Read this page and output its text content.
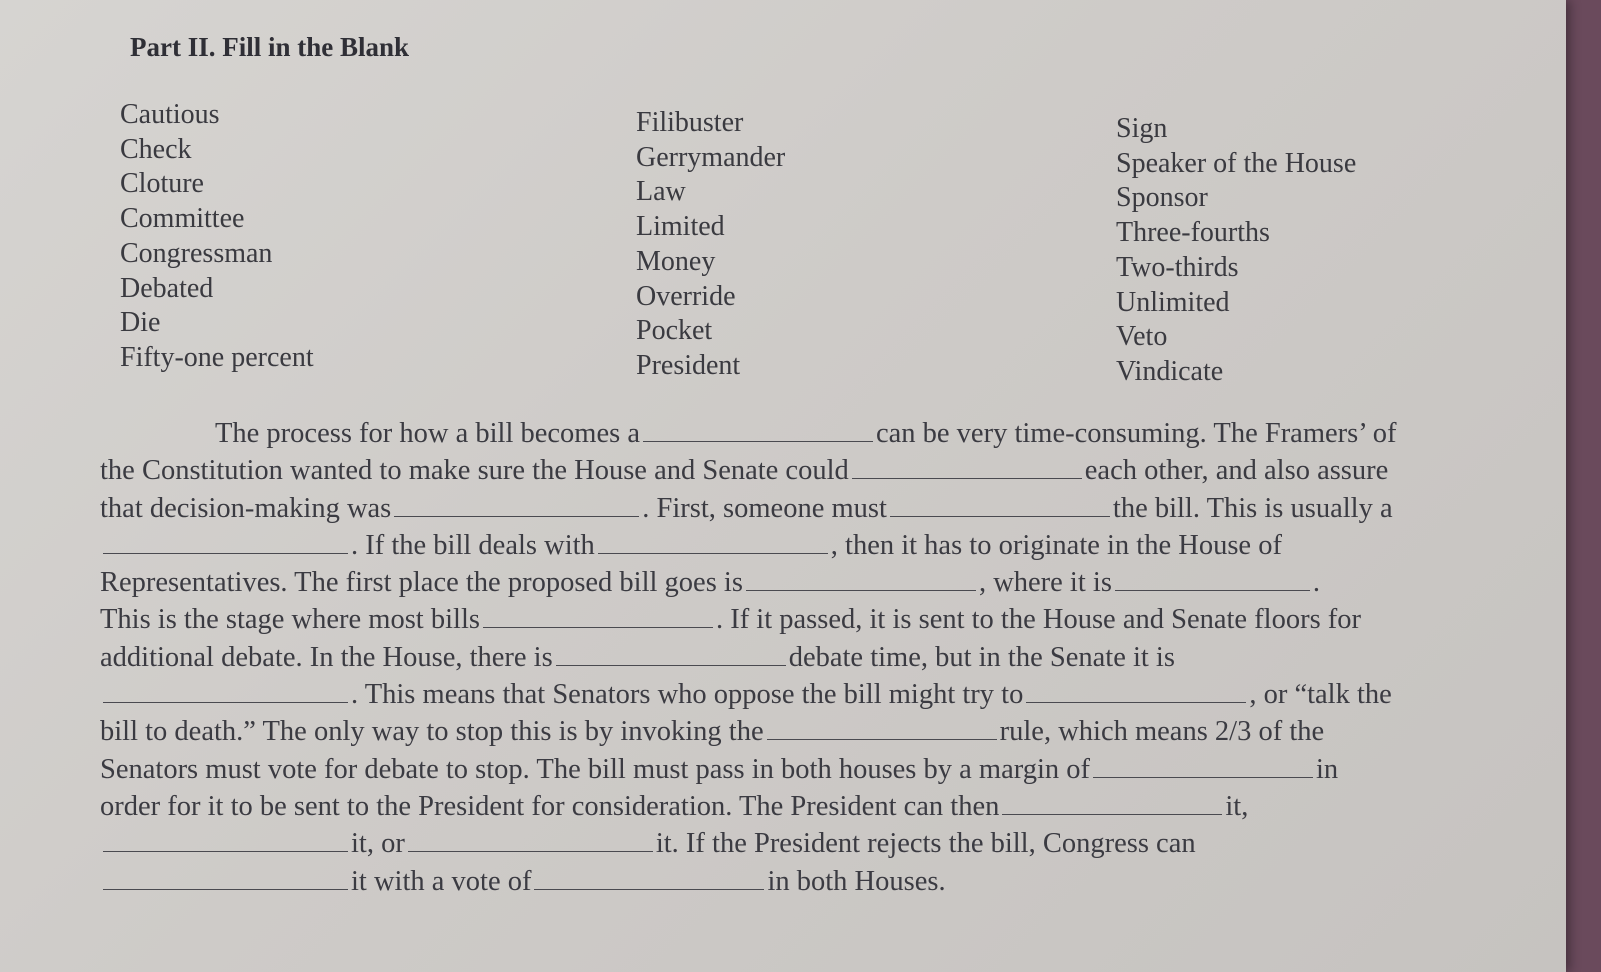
Part II. Fill in the Blank
Cautious
Check
Cloture
Committee
Congressman
Debated
Die
Fifty-one percent
Filibuster
Gerrymander
Law
Limited
Money
Override
Pocket
President
Sign
Speaker of the House
Sponsor
Three-fourths
Two-thirds
Unlimited
Veto
Vindicate
The process for how a bill becomes a	can be very time-consuming. The Framers’ of
the Constitution wanted to make sure the House and Senate could	each other, and also assure
that decision-making was	. First, someone must	the bill. This is usually a
. If the bill deals with	, then it has to originate in the House of
Representatives. The first place the proposed bill goes is	, where it is	.
This is the stage where most bills	. If it passed, it is sent to the House and Senate floors for
additional debate. In the House, there is	debate time, but in the Senate it is
. This means that Senators who oppose the bill might try to	, or “talk the
bill to death.” The only way to stop this is by invoking the	rule, which means 2/3 of the
Senators must vote for debate to stop. The bill must pass in both houses by a margin of	in
order for it to be sent to the President for consideration. The President can then	it,
it, or	it. If the President rejects the bill, Congress can
it with a vote of	in both Houses.
